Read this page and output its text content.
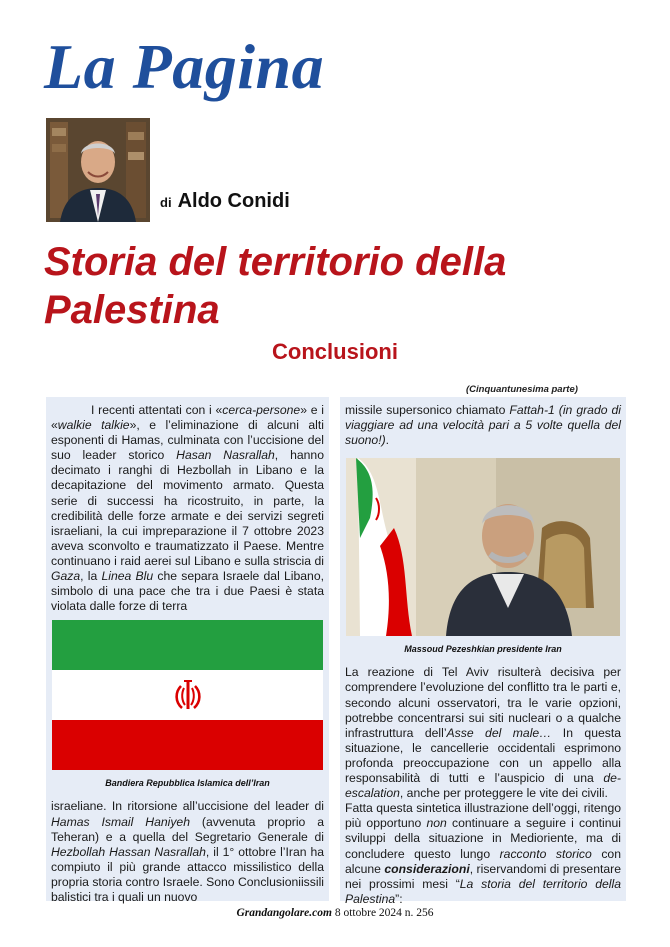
La Pagina
di Aldo Conidi
Storia del territorio della Palestina
Conclusioni
(Cinquantunesima parte)

I recenti attentati con i «cerca-persone» e i «walkie talkie», e l’eliminazione di alcuni alti esponenti di Hamas, culminata con l’uccisione del suo leader storico Hasan Nasrallah, hanno decimato i ranghi di Hezbollah in Libano e la decapitazione del movimento armato. Questa serie di successi ha ricostruito, in parte, la credibilità delle forze armate e dei servizi segreti israeliani, la cui impreparazione il 7 ottobre 2023 aveva sconvolto e traumatizzato il Paese. Mentre continuano i raid aerei sul Libano e sulla striscia di Gaza, la Linea Blu che separa Israele dal Libano, simbolo di una pace che tra i due Paesi è stata violata dalle forze di terra

Bandiera Repubblica Islamica dell’Iran

israeliane. In ritorsione all’uccisione del leader di Hamas Ismail Haniyeh (avvenuta proprio a Teheran) e a quella del Segretario Generale di Hezbollah Hassan Nasrallah, il 1° ottobre l’Iran ha compiuto il più grande attacco missilistico della propria storia contro Israele. Sono Conclusioniissili balistici tra i quali un nuovo

missile supersonico chiamato Fattah-1 (in grado di viaggiare ad una velocità pari a 5 volte quella del suono!).

Massoud Pezeshkian presidente Iran

La reazione di Tel Aviv risulterà decisiva per comprendere l’evoluzione del conflitto tra le parti e, secondo alcuni osservatori, tra le varie opzioni, potrebbe concentrarsi sui siti nucleari o a qualche infrastruttura dell’Asse del male… In questa situazione, le cancellerie occidentali esprimono profonda preoccupazione con un appello alla responsabilità di tutti e l’auspicio di una de-escalation, anche per proteggere le vite dei civili.

Fatta questa sintetica illustrazione dell’oggi, ritengo più opportuno non continuare a seguire i continui sviluppi della situazione in Medioriente, ma di concludere questo lungo racconto storico con alcune considerazioni, riservandomi di presentare nei prossimi mesi “La storia del territorio della Palestina”:

Grandangolare.com 8 ottobre 2024 n. 256
